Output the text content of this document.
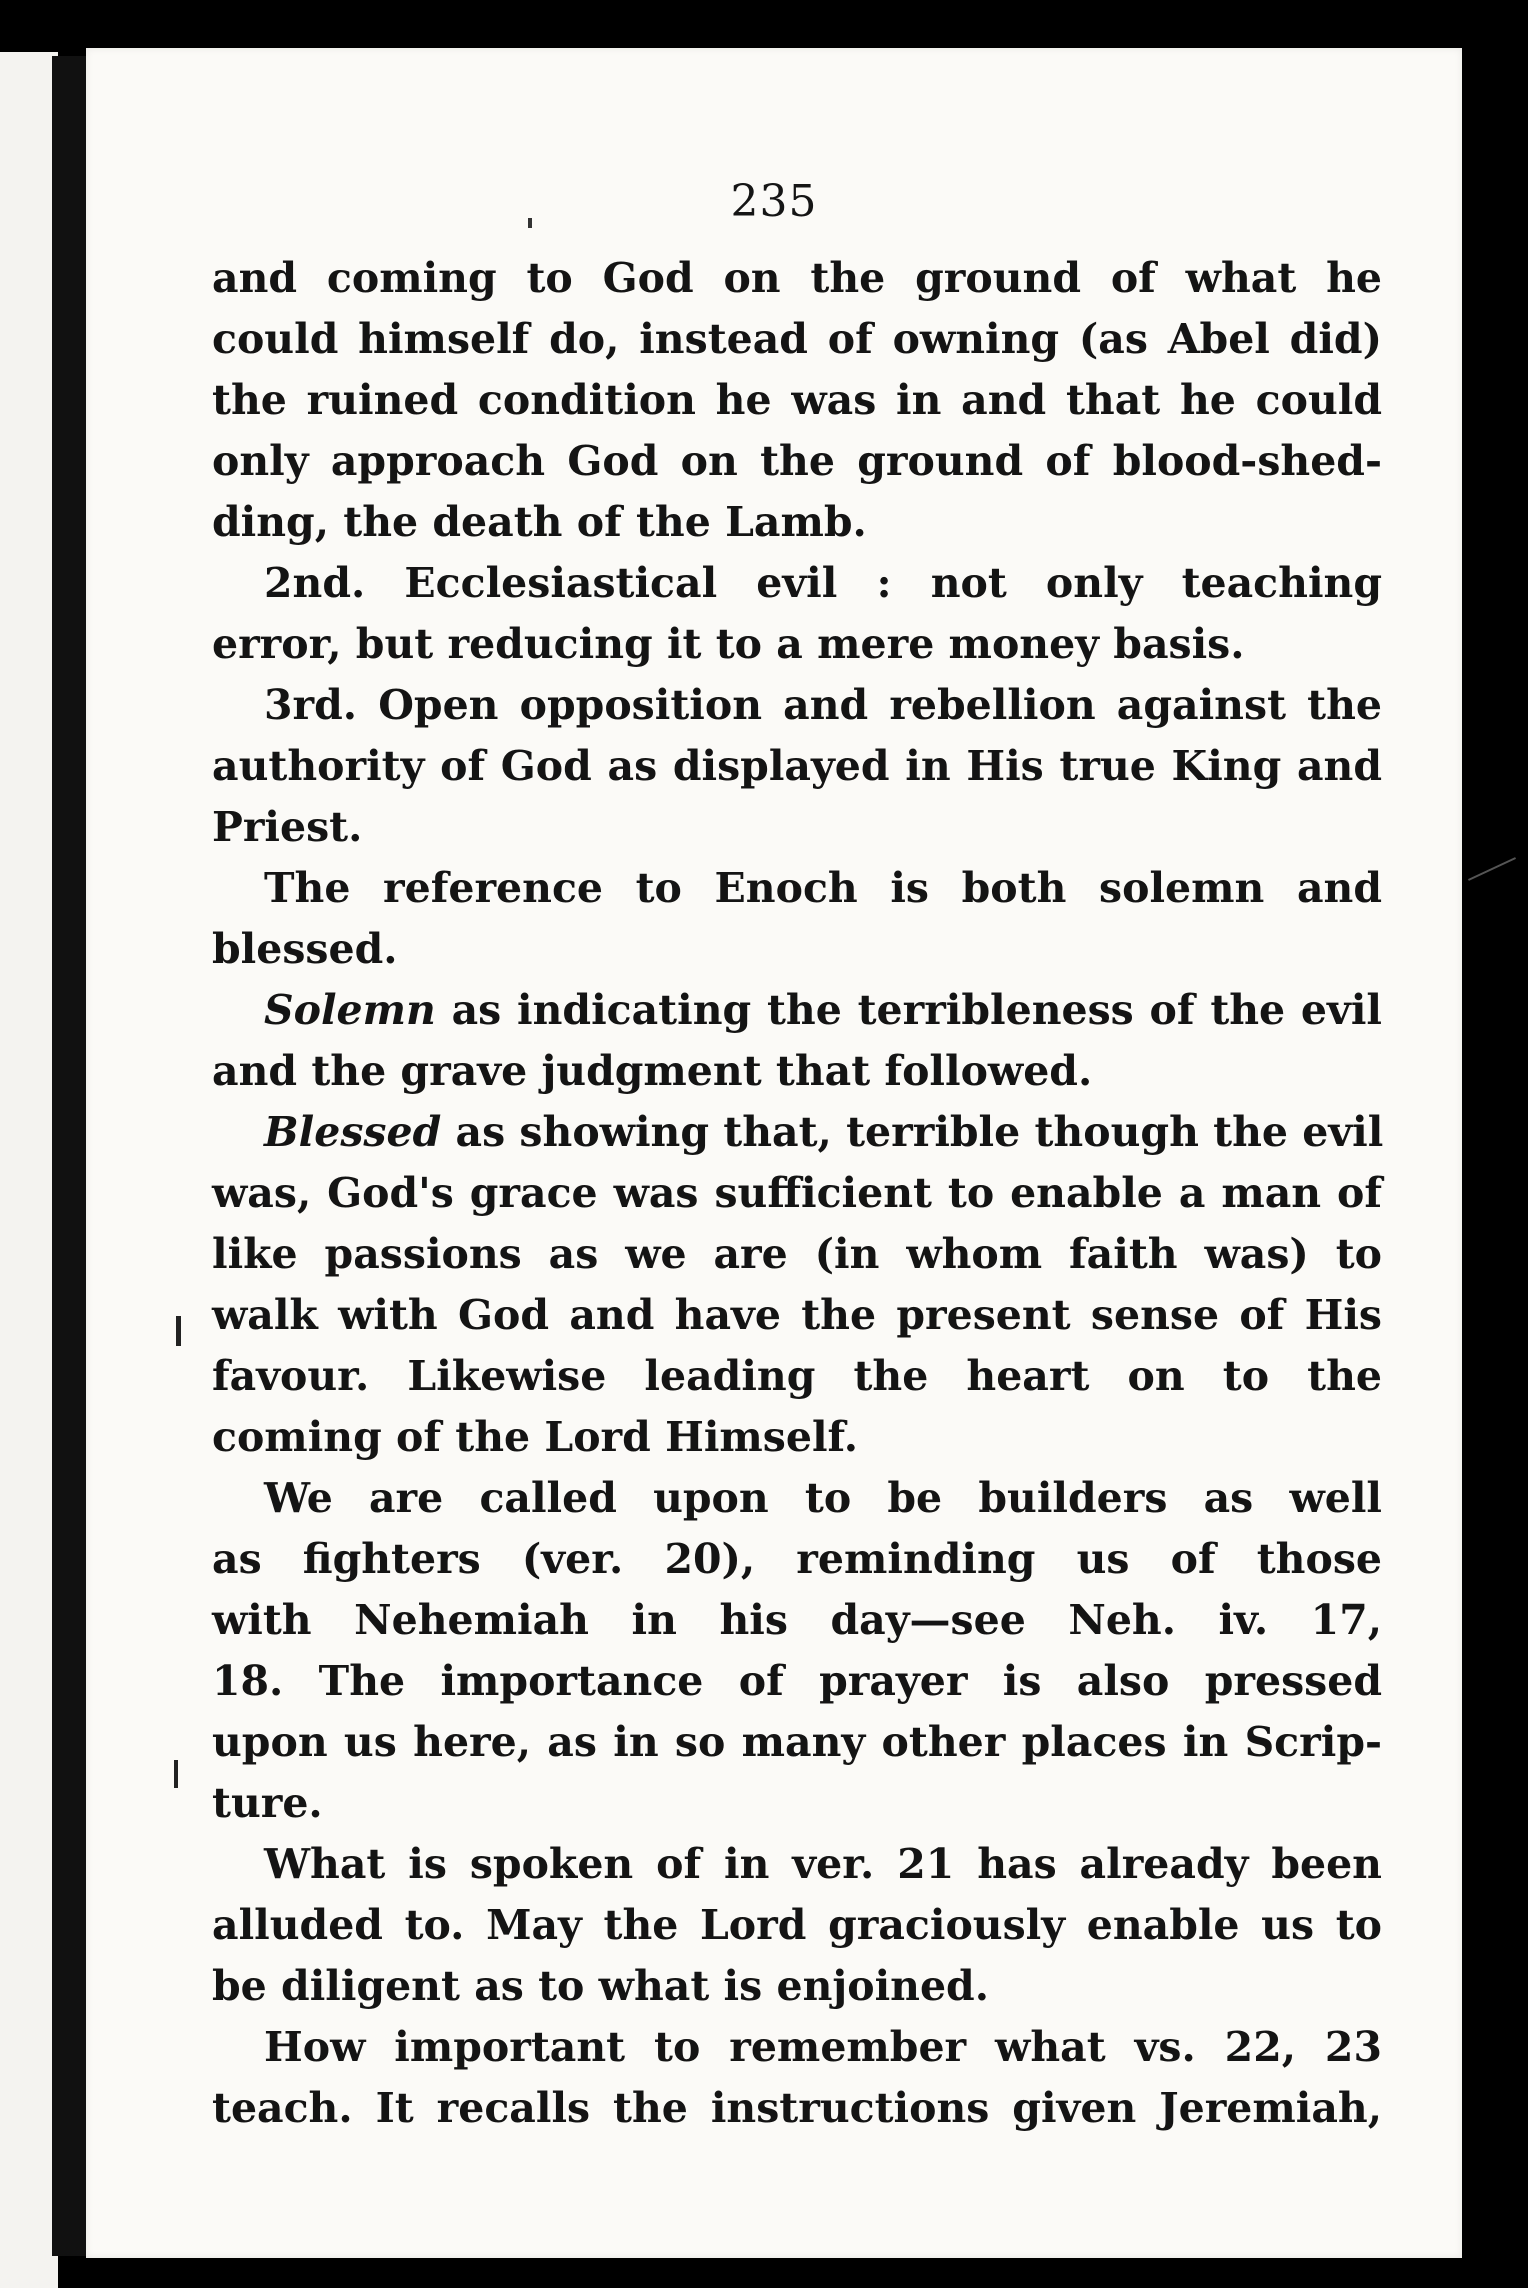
235
and coming to God on the ground of what he
could himself do, instead of owning (as Abel did)
the ruined condition he was in and that he could
only approach God on the ground of blood-shed-
ding, the death of the Lamb.
2nd. Ecclesiastical evil : not only teaching
error, but reducing it to a mere money basis.
3rd. Open opposition and rebellion against the
authority of God as displayed in His true King and
Priest.
The reference to Enoch is both solemn and
blessed.
Solemn as indicating the terribleness of the evil
and the grave judgment that followed.
Blessed as showing that, terrible though the evil
was, God's grace was sufficient to enable a man of
like passions as we are (in whom faith was) to
walk with God and have the present sense of His
favour. Likewise leading the heart on to the
coming of the Lord Himself.
We are called upon to be builders as well
as fighters (ver. 20), reminding us of those
with Nehemiah in his day—see Neh. iv. 17,
18. The importance of prayer is also pressed
upon us here, as in so many other places in Scrip-
ture.
What is spoken of in ver. 21 has already been
alluded to. May the Lord graciously enable us to
be diligent as to what is enjoined.
How important to remember what vs. 22, 23
teach. It recalls the instructions given Jeremiah,
